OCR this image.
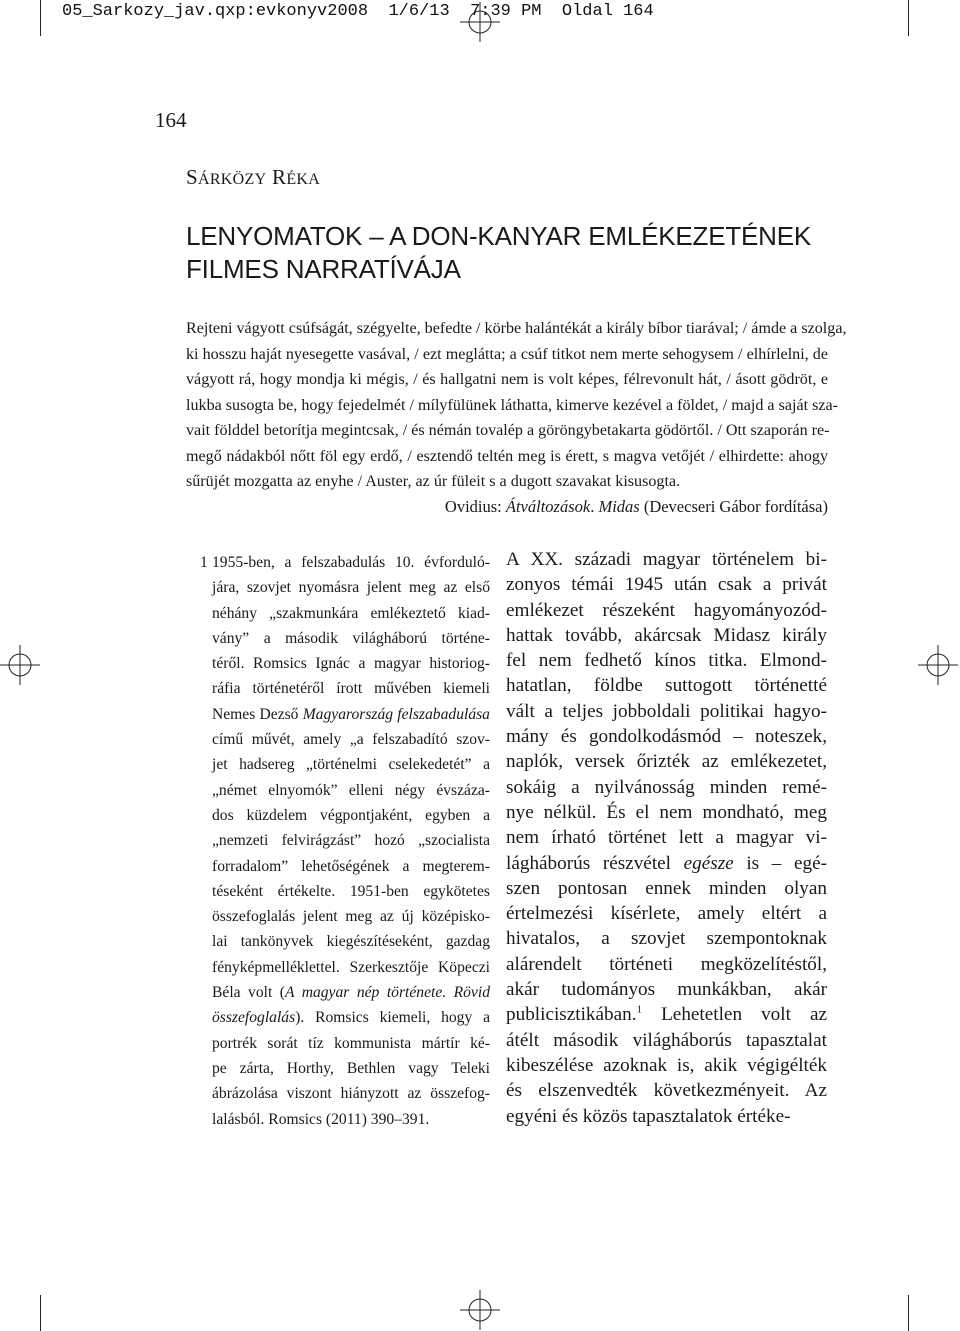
05_Sarkozy_jav.qxp:evkonyv2008  1/6/13  7:39 PM  Oldal 164
164
SÁRKÖZY RÉKA
LENYOMATOK – A DON-KANYAR EMLÉKEZETÉNEK
FILMES NARRATÍVÁJA
Rejteni vágyott csúfságát, szégyelte, befedte / körbe halántékát a király bíbor tiarával; / ámde a szolga,
ki hosszu haját nyesegette vasával, / ezt meglátta; a csúf titkot nem merte sehogysem / elhírlelni, de
vágyott rá, hogy mondja ki mégis, / és hallgatni nem is volt képes, félrevonult hát, / ásott gödröt, e
lukba susogta be, hogy fejedelmét / mílyfülünek láthatta, kimerve kezével a földet, / majd a saját sza-
vait földdel betorítja megintcsak, / és némán tovalép a göröngybetakarta gödörtől. / Ott szaporán re-
megő nádakból nőtt föl egy erdő, / esztendő teltén meg is érett, s magva vetőjét / elhirdette: ahogy
sűrüjét mozgatta az enyhe / Auster, az úr füleit s a dugott szavakat kisusogta.
Ovidius: Átváltozások. Midas (Devecseri Gábor fordítása)
1 1955-ben, a felszabadulás 10. évforduló-
jára, szovjet nyomásra jelent meg az első
néhány „szakmunkára emlékeztető kiad-
vány” a második világháború történe-
téről. Romsics Ignác a magyar historiog-
ráfia történetéről írott művében kiemeli
Nemes Dezső Magyarország felszabadulása
című művét, amely „a felszabadító szov-
jet hadsereg „történelmi cselekedetét” a
„német elnyomók” elleni négy évszáza-
dos küzdelem végpontjaként, egyben a
„nemzeti felvirágzást” hozó „szocialista
forradalom” lehetőségének a megterem-
téseként értékelte. 1951-ben egykötetes
összefoglalás jelent meg az új középisko-
lai tankönyvek kiegészítéseként, gazdag
fényképmelléklettel. Szerkesztője Köpeczi
Béla volt (A magyar nép története. Rövid
összefoglalás). Romsics kiemeli, hogy a
portrék sorát tíz kommunista mártír ké-
pe zárta, Horthy, Bethlen vagy Teleki
ábrázolása viszont hiányzott az összefog-
lalásból. Romsics (2011) 390–391.
A XX. századi magyar történelem bi-
zonyos témái 1945 után csak a privát
emlékezet részeként hagyományozód-
hattak tovább, akárcsak Midasz király
fel nem fedhető kínos titka. Elmond-
hatatlan, földbe suttogott történetté
vált a teljes jobboldali politikai hagyo-
mány és gondolkodásmód – noteszek,
naplók, versek őrizték az emlékezetet,
sokáig a nyilvánosság minden remé-
nye nélkül. És el nem mondható, meg
nem írható történet lett a magyar vi-
lágháborús részvétel egésze is – egé-
szen pontosan ennek minden olyan
értelmezési kísérlete, amely eltért a
hivatalos, a szovjet szempontoknak
alárendelt történeti megközelítéstől,
akár tudományos munkákban, akár
publicisztikában.$^1$ Lehetetlen volt az
átélt második világháborús tapasztalat
kibeszélése azoknak is, akik végigélték
és elszenvedték következményeit. Az
egyéni és közös tapasztalatok értéke-
